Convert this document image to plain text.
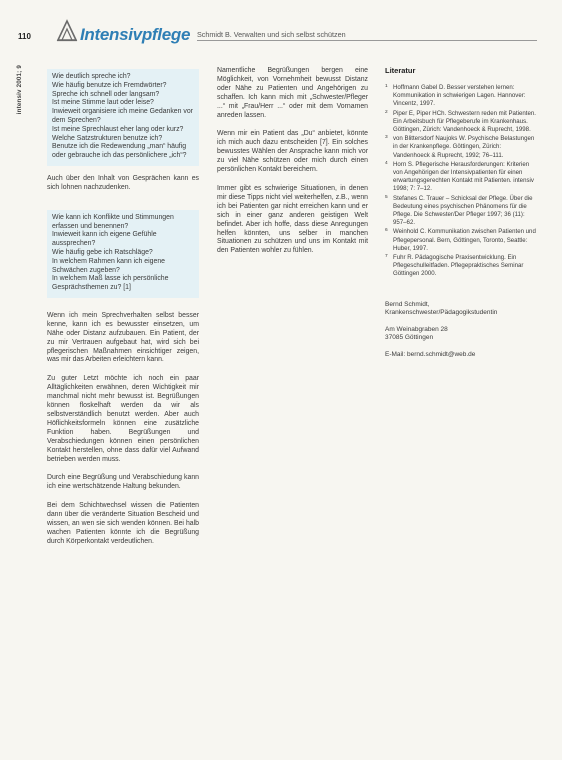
110	Intensivpflege Schmidt B. Verwalten und sich selbst schützen
intensiv 2001; 9	Wie deutlich spreche ich?
Wie häufig benutze ich Fremdwörter?
Spreche ich schnell oder langsam?
Ist meine Stimme laut oder leise?
Inwieweit organisiere ich meine Gedanken vor dem Sprechen?
Ist meine Sprechlaust eher lang oder kurz?
Welche Satzstrukturen benutze ich?
Benutze ich die Redewendung „man“ häufig oder gebrauche ich das persönlichere „ich“?

Auch über den Inhalt von Gesprächen kann es sich lohnen nachzudenken.

Wie kann ich Konflikte und Stimmungen erfassen und benennen?
Inwieweit kann ich eigene Gefühle aussprechen?
Wie häufig gebe ich Ratschläge?
In welchem Rahmen kann ich eigene Schwächen zugeben?
In welchem Maß lasse ich persönliche Gesprächsthemen zu? [1]

Wenn ich mein Sprechverhalten selbst besser kenne, kann ich es bewusster einsetzen, um Nähe oder Distanz aufzubauen. Ein Patient, der zu mir Vertrauen aufgebaut hat, wird sich bei pflegerischen Maßnahmen einsichtiger zeigen, was mir das Arbeiten erleichtern kann.

Zu guter Letzt möchte ich noch ein paar Alltäglichkeiten erwähnen, deren Wichtigkeit mir manchmal nicht mehr bewusst ist. Begrüßungen können floskelhaft werden da wir als selbstverständlich benutzt werden. Aber auch Höflichkeitsformeln können eine zusätzliche Funktion haben. Begrüßungen und Verabschiedungen können einen persönlichen Kontakt herstellen, ohne dass dafür viel Aufwand betrieben werden muss.

Durch eine Begrüßung und Verabschiedung kann ich eine wertschätzende Haltung bekunden.

Bei dem Schichtwechsel wissen die Patienten dann über die veränderte Situation Bescheid und wissen, an wen sie sich wenden können. Bei halb wachen Patienten könnte ich die Begrüßung durch Körperkontakt verdeutlichen.

Namentliche Begrüßungen bergen eine Möglichkeit, von Vornehmheit bewusst Distanz oder Nähe zu Patienten und Angehörigen zu schaffen. Ich kann mich mit „Schwester/Pfleger ...“ mit „Frau/Herr ...“ oder mit dem Vornamen anreden lassen.

Wenn mir ein Patient das „Du“ anbietet, könnte ich mich auch dazu entscheiden [7]. Ein solches bewusstes Wählen der Ansprache kann mich vor zu viel Nähe schützen oder mich durch einen persönlichen Kontakt bereichern.

Immer gibt es schwierige Situationen, in denen mir diese Tipps nicht viel weiterhelfen, z.B., wenn ich bei Patienten gar nicht erreichen kann und er sich in einer ganz anderen geistigen Welt befindet. Aber ich hoffe, dass diese Anregungen helfen könnten, uns selber in manchen Situationen zu schützen und uns im Kontakt mit den Patienten wohler zu fühlen.

Literatur
1 Hoffmann Gabel D. Besser verstehen lernen: Kommunikation in schwierigen Lagen. Hannover: Vincentz, 1997.
2 Piper E, Piper HCh. Schwestern reden mit Patienten. Ein Arbeitsbuch für Pflegeberufe im Krankenhaus. Göttingen, Zürich: Vandenhoeck & Ruprecht, 1998.
3 von Blittersdorf Naujoks W. Psychische Belastungen in der Krankenpflege. Göttingen, Zürich: Vandenhoeck & Ruprecht, 1992; 76–111.
4 Horn S. Pflegerische Herausforderungen: Kriterien von Angehörigen der Intensivpatienten für einen erwartungsgerechten Kontakt mit Patienten. intensiv 1998; 7: 7–12.
5 Stefanes C. Trauer – Schicksal der Pflege. Über die Bedeutung eines psychischen Phänomens für die Pflege. Die Schwester/Der Pfleger 1997; 36 (11): 957–62.
6 Weinhold C. Kommunikation zwischen Patienten und Pflegepersonal. Bern, Göttingen, Toronto, Seattle: Huber, 1997.
7 Fuhr R. Pädagogische Praxisentwicklung. Ein Pflegeschulleitfaden. Pflegepraktisches Seminar Göttingen 2000.
Bernd Schmidt,
Krankenschwester/Pädagogikstudentin
Am Weinabgraben 28
37085 Göttingen
E-Mail: bernd.schmidt@web.de
